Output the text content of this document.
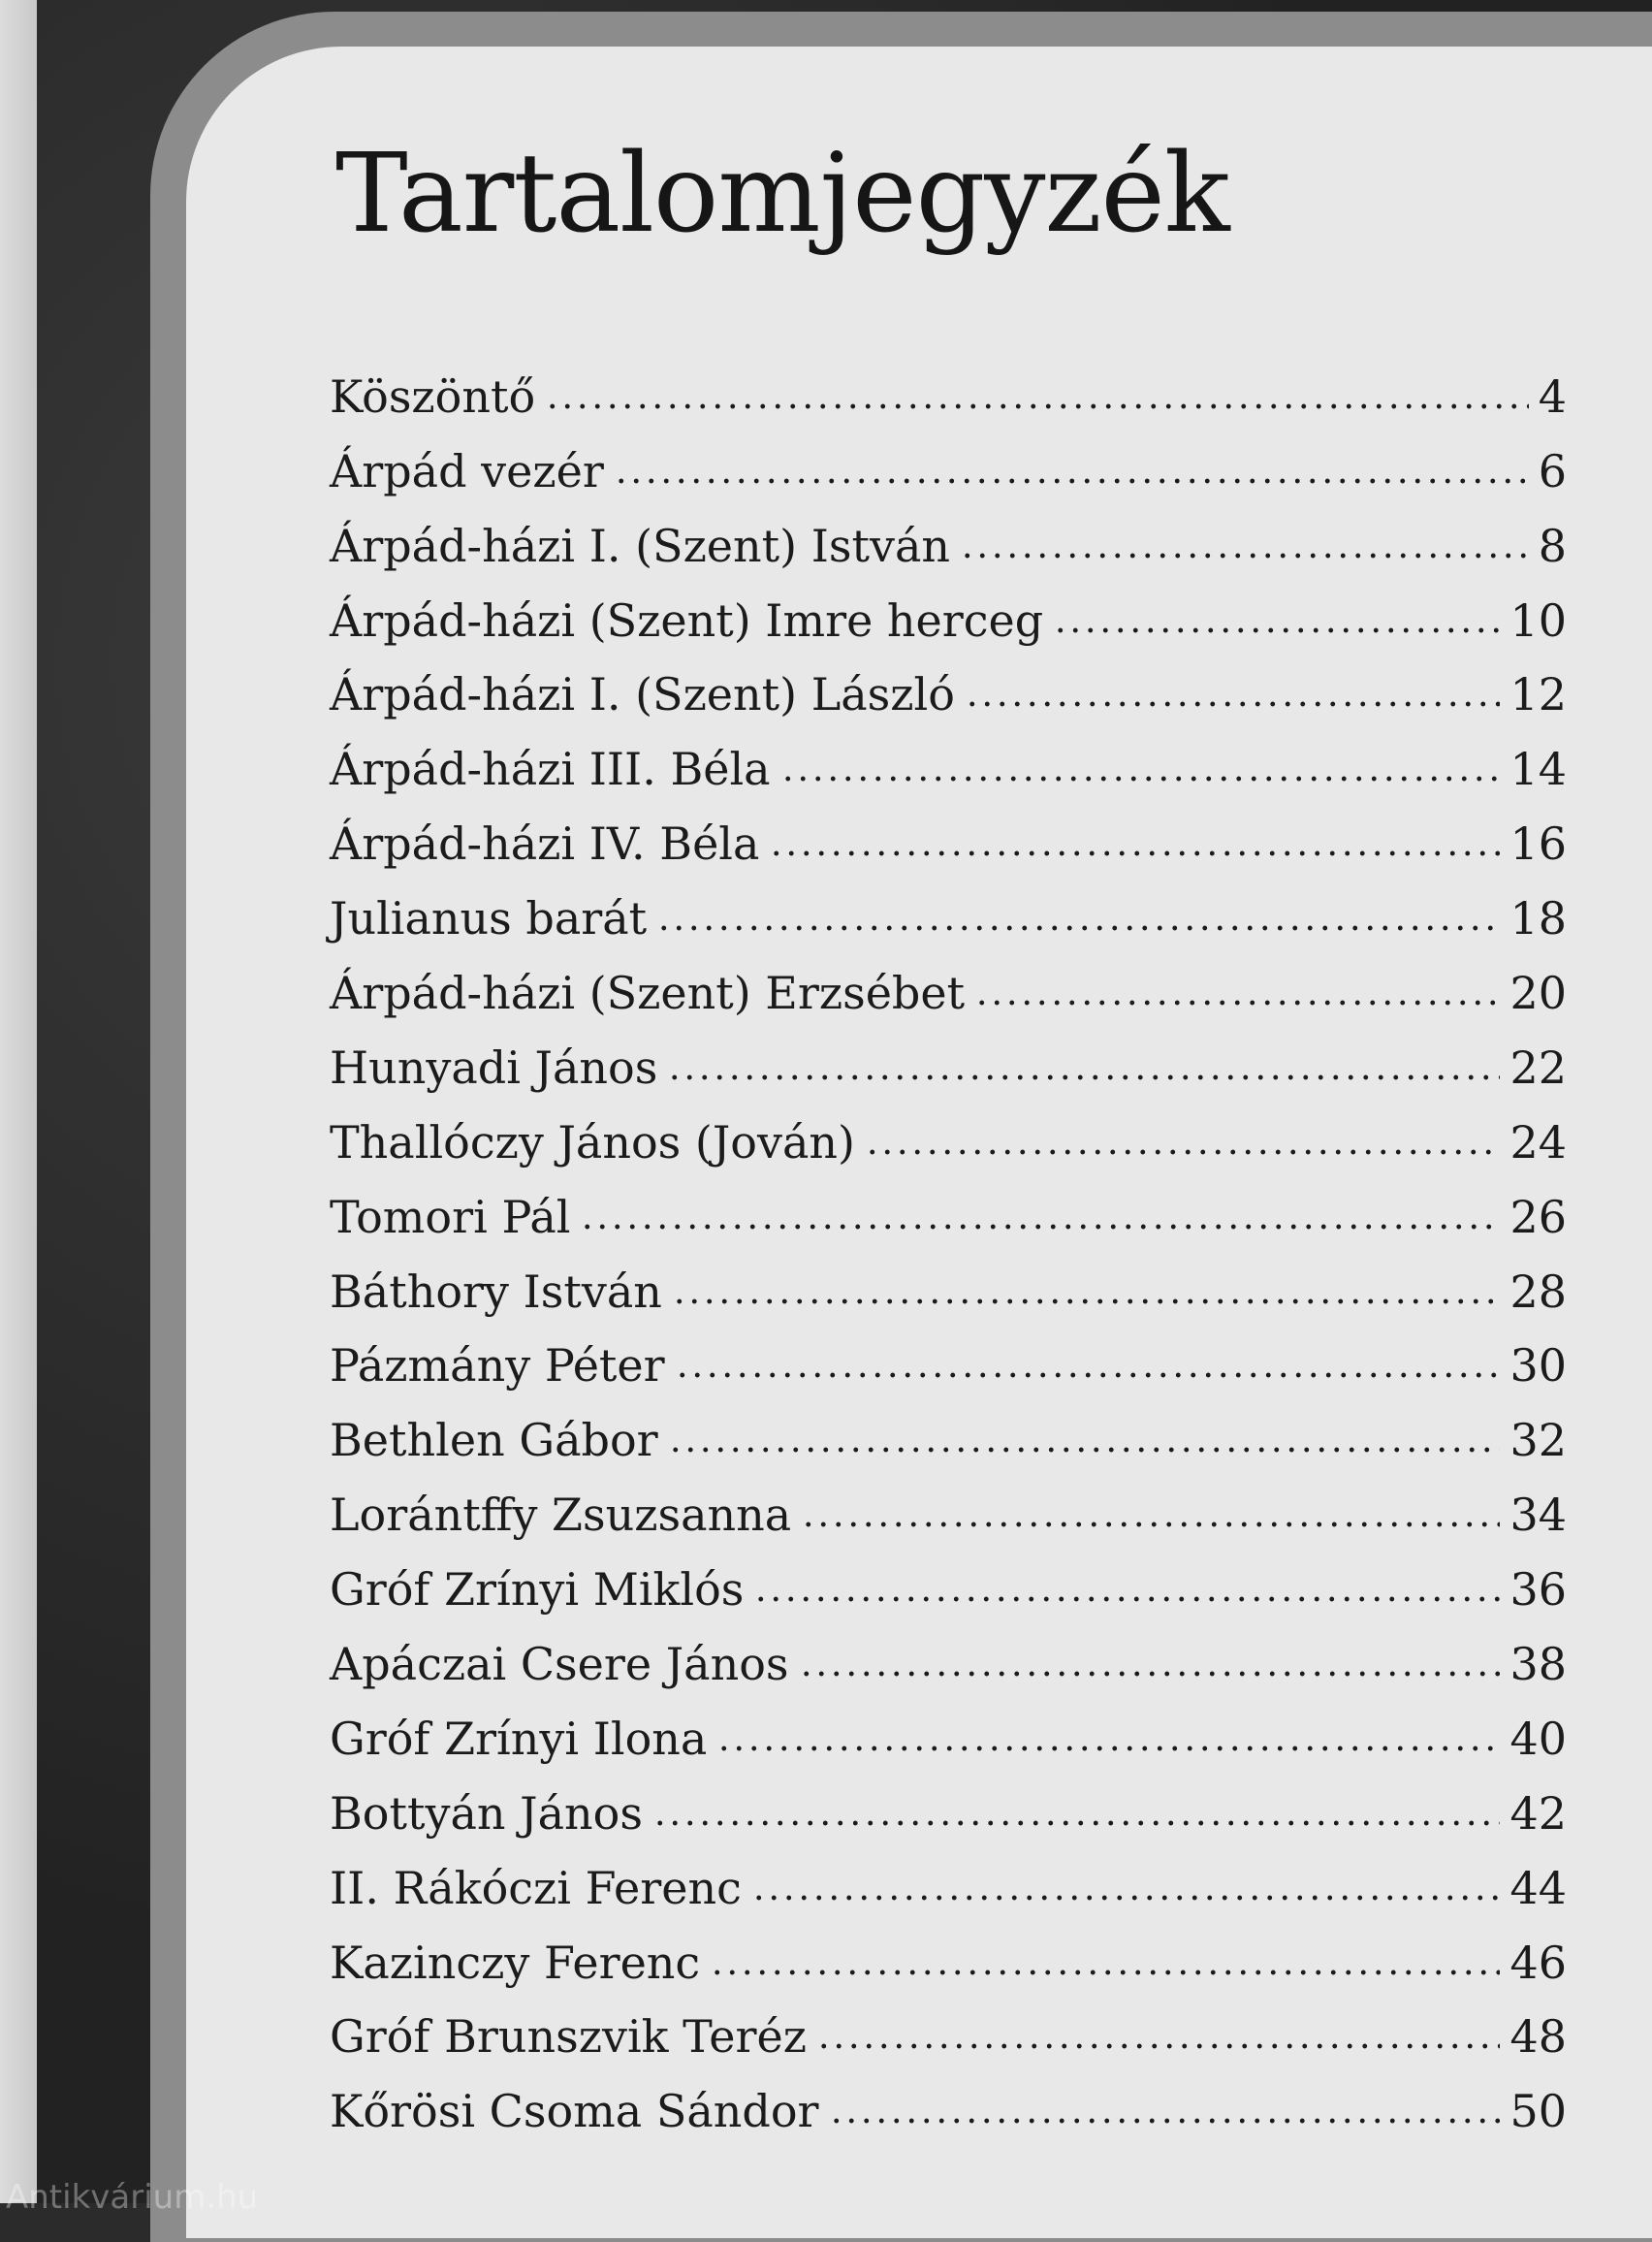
Tartalomjegyzék
Köszöntő	4
Árpád vezér	6
Árpád-házi I. (Szent) István	8
Árpád-házi (Szent) Imre herceg	10
Árpád-házi I. (Szent) László	12
Árpád-házi III. Béla	14
Árpád-házi IV. Béla	16
Julianus barát	18
Árpád-házi (Szent) Erzsébet	20
Hunyadi János	22
Thallóczy János (Jován)	24
Tomori Pál	26
Báthory István	28
Pázmány Péter	30
Bethlen Gábor	32
Lorántffy Zsuzsanna	34
Gróf Zrínyi Miklós	36
Apáczai Csere János	38
Gróf Zrínyi Ilona	40
Bottyán János	42
II. Rákóczi Ferenc	44
Kazinczy Ferenc	46
Gróf Brunszvik Teréz	48
Kőrösi Csoma Sándor	50
Antikvárium.hu
